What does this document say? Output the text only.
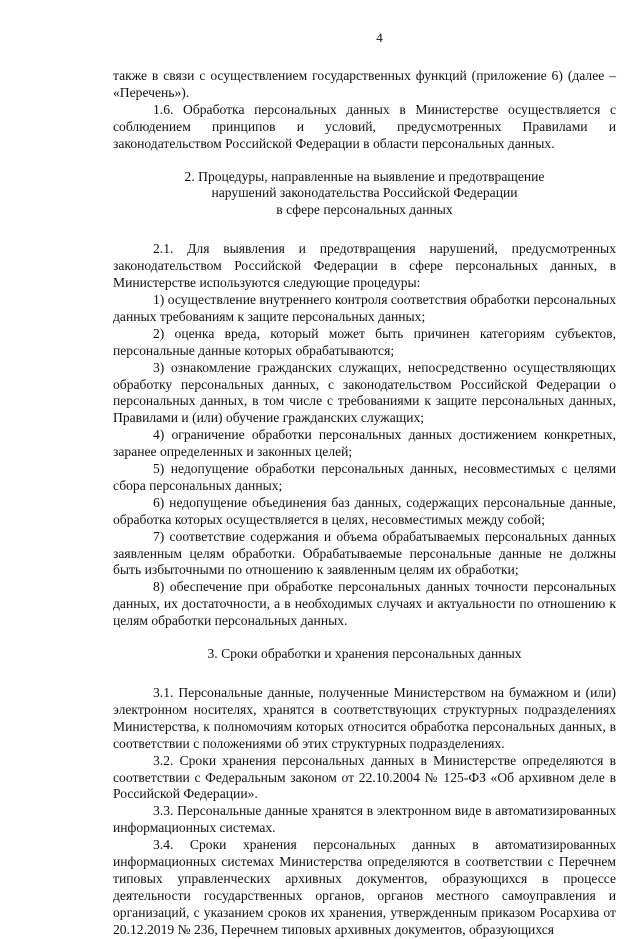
4

также в связи с осуществлением государственных функций (приложение 6) (далее – «Перечень»).

1.6. Обработка персональных данных в Министерстве осуществляется с соблюдением принципов и условий, предусмотренных Правилами и законодательством Российской Федерации в области персональных данных.

2. Процедуры, направленные на выявление и предотвращение
нарушений законодательства Российской Федерации
в сфере персональных данных

2.1. Для выявления и предотвращения нарушений, предусмотренных законодательством Российской Федерации в сфере персональных данных, в Министерстве используются следующие процедуры:

1) осуществление внутреннего контроля соответствия обработки персональных данных требованиям к защите персональных данных;

2) оценка вреда, который может быть причинен категориям субъектов, персональные данные которых обрабатываются;

3) ознакомление гражданских служащих, непосредственно осуществляющих обработку персональных данных, с законодательством Российской Федерации о персональных данных, в том числе с требованиями к защите персональных данных, Правилами и (или) обучение гражданских служащих;

4) ограничение обработки персональных данных достижением конкретных, заранее определенных и законных целей;

5) недопущение обработки персональных данных, несовместимых с целями сбора персональных данных;

6) недопущение объединения баз данных, содержащих персональные данные, обработка которых осуществляется в целях, несовместимых между собой;

7) соответствие содержания и объема обрабатываемых персональных данных заявленным целям обработки. Обрабатываемые персональные данные не должны быть избыточными по отношению к заявленным целям их обработки;

8) обеспечение при обработке персональных данных точности персональных данных, их достаточности, а в необходимых случаях и актуальности по отношению к целям обработки персональных данных.

3. Сроки обработки и хранения персональных данных

3.1. Персональные данные, полученные Министерством на бумажном и (или) электронном носителях, хранятся в соответствующих структурных подразделениях Министерства, к полномочиям которых относится обработка персональных данных, в соответствии с положениями об этих структурных подразделениях.

3.2. Сроки хранения персональных данных в Министерстве определяются в соответствии с Федеральным законом от 22.10.2004 № 125-ФЗ «Об архивном деле в Российской Федерации».

3.3. Персональные данные хранятся в электронном виде в автоматизированных информационных системах.

3.4. Сроки хранения персональных данных в автоматизированных информационных системах Министерства определяются в соответствии с Перечнем типовых управленческих архивных документов, образующихся в процессе деятельности государственных органов, органов местного самоуправления и организаций, с указанием сроков их хранения, утвержденным приказом Росархива от 20.12.2019 № 236, Перечнем типовых архивных документов, образующихся
